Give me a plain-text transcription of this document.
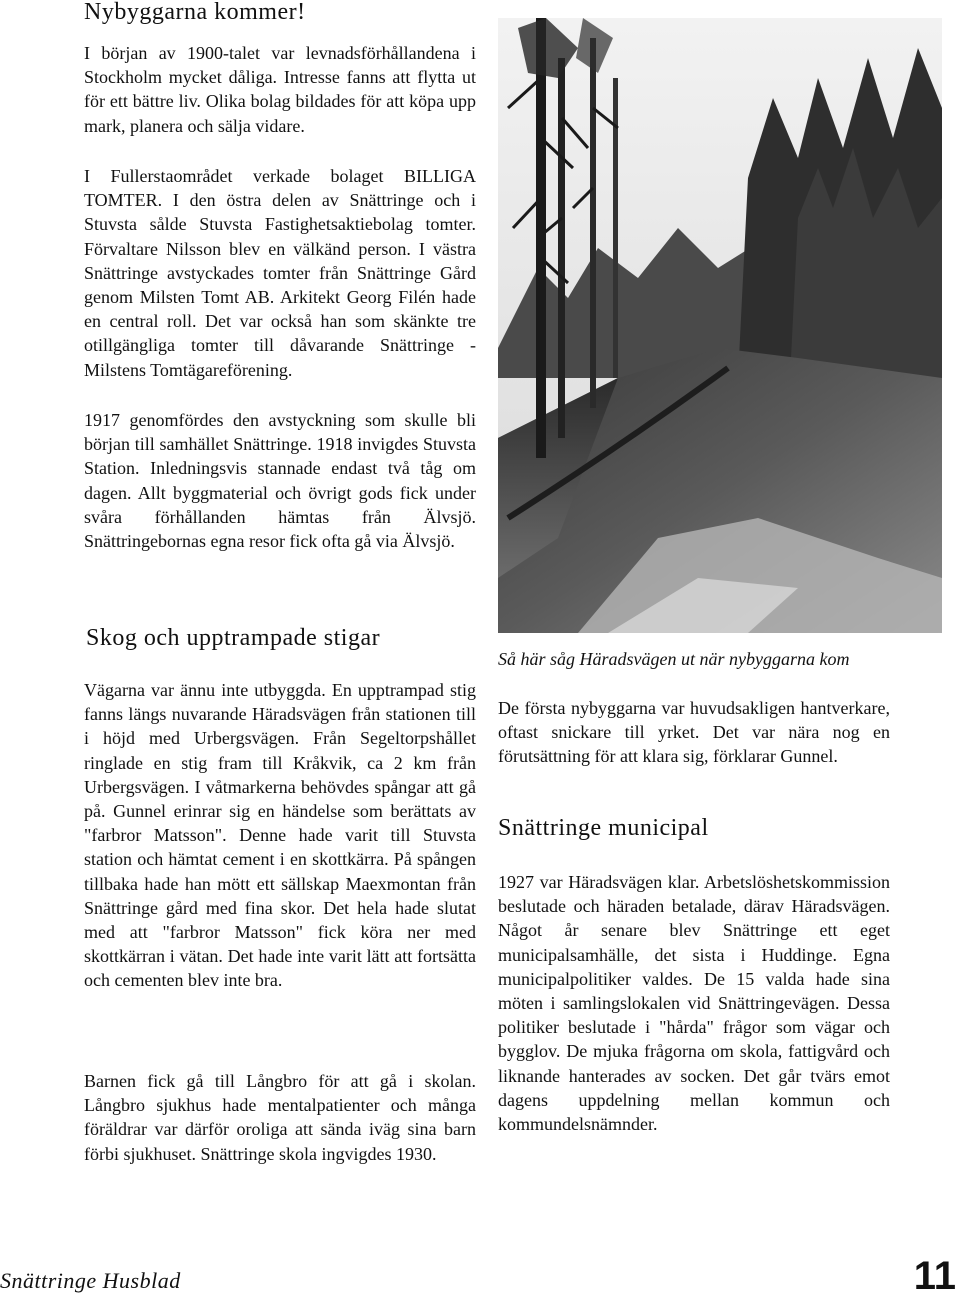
Nybyggarna kommer!

I början av 1900-talet var levnadsförhållandena i Stockholm mycket dåliga. Intresse fanns att flytta ut för ett bättre liv. Olika bolag bildades för att köpa upp mark, planera och sälja vidare.

I Fullerstaområdet verkade bolaget BILLIGA TOMTER. I den östra delen av Snättringe och i Stuvsta sålde Stuvsta Fastighetsaktiebolag tomter. Förvaltare Nilsson blev en välkänd person. I västra Snättringe avstyckades tomter från Snättringe Gård genom Milsten Tomt AB. Arkitekt Georg Filén hade en central roll. Det var också han som skänkte tre otillgängliga tomter till dåvarande Snättringe - Milstens Tomtägareförening.

1917 genomfördes den avstyckning som skulle bli början till samhället Snättringe. 1918 invigdes Stuvsta Station. Inledningsvis stannade endast två tåg om dagen. Allt byggmaterial och övrigt gods fick under svåra förhållanden hämtas från Älvsjö. Snättringebornas egna resor fick ofta gå via Älvsjö.

Skog och upptrampade stigar

Vägarna var ännu inte utbyggda. En upptrampad stig fanns längs nuvarande Häradsvägen från stationen till i höjd med Urbergsvägen. Från Segeltorpshållet ringlade en stig fram till Kråkvik, ca 2 km från Urbergsvägen. I våtmarkerna behövdes spångar att gå på. Gunnel erinrar sig en händelse som berättats av "farbror Matsson". Denne hade varit till Stuvsta station och hämtat cement i en skottkärra. På spången tillbaka hade han mött ett sällskap Maexmontan från Snättringe gård med fina skor. Det hela hade slutat med att "farbror Matsson" fick köra ner med skottkärran i vätan. Det hade inte varit lätt att fortsätta och cementen blev inte bra.

Barnen fick gå till Långbro för att gå i skolan. Långbro sjukhus hade mentalpatienter och många föräldrar var därför oroliga att sända iväg sina barn förbi sjukhuset. Snättringe skola ingvigdes 1930.

Så här såg Häradsvägen ut när nybyggarna kom

De första nybyggarna var huvudsakligen hantverkare, oftast snickare till yrket. Det var nära nog en förutsättning för att klara sig, förklarar Gunnel.

Snättringe municipal

1927 var Häradsvägen klar. Arbetslöshetskommission beslutade och häraden betalade, därav Häradsvägen. Något år senare blev Snättringe ett eget municipalsamhälle, det sista i Huddinge. Egna municipalpolitiker valdes. De 15 valda hade sina möten i samlingslokalen vid Snättringevägen. Dessa politiker beslutade i "hårda" frågor som vägar och bygglov. De mjuka frågorna om skola, fattigvård och liknande hanterades av socken. Det går tvärs emot dagens uppdelning mellan kommun och kommundelsnämnder.

Snättringe Husblad	11
